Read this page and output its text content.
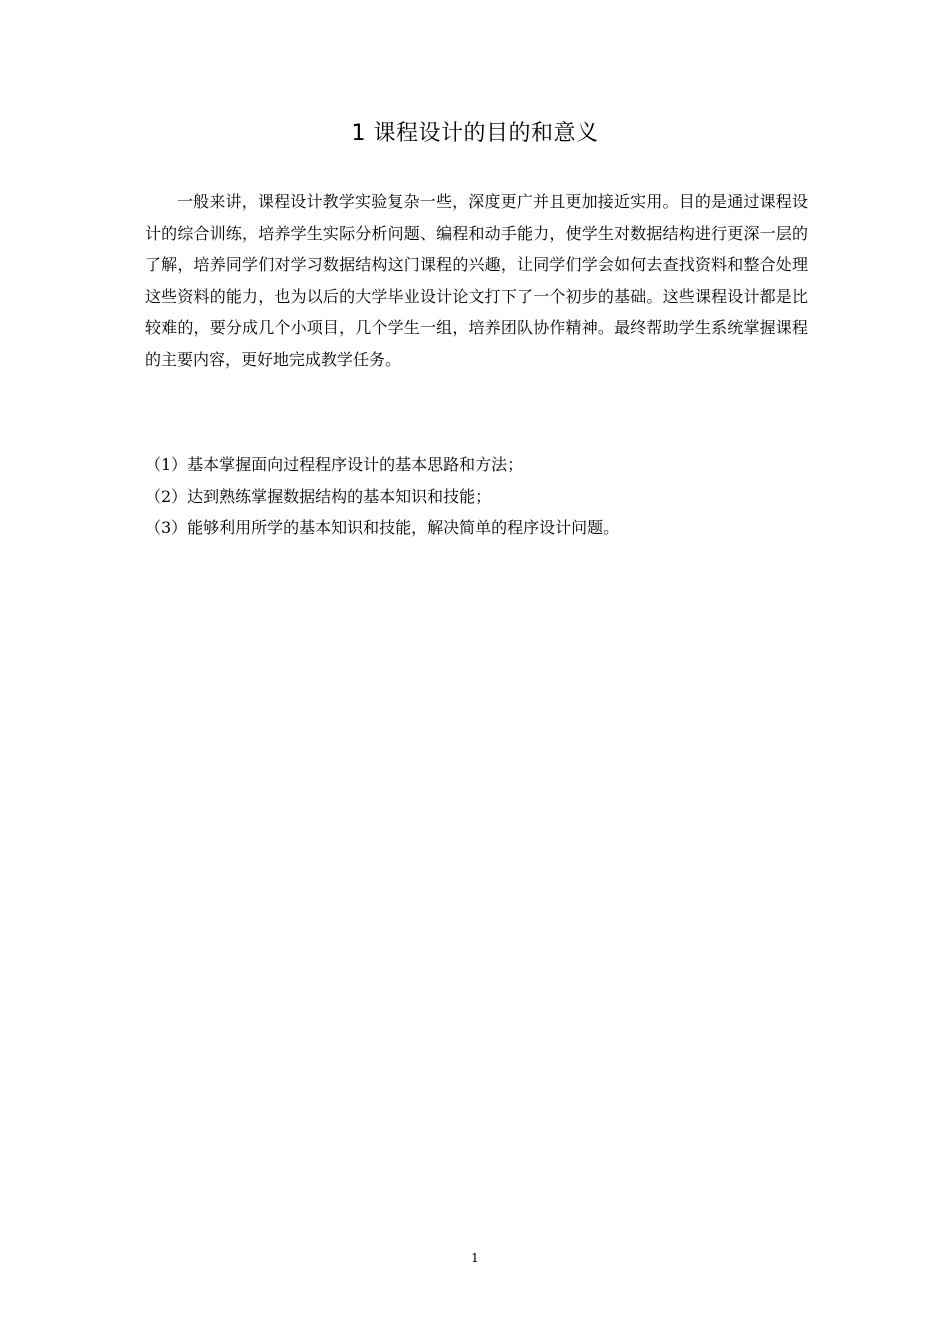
1 课程设计的目的和意义

一般来讲，课程设计教学实验复杂一些，深度更广并且更加接近实用。目的是通过课程设计的综合训练，培养学生实际分析问题、编程和动手能力，使学生对数据结构进行更深一层的了解，培养同学们对学习数据结构这门课程的兴趣，让同学们学会如何去查找资料和整合处理这些资料的能力，也为以后的大学毕业设计论文打下了一个初步的基础。这些课程设计都是比较难的，要分成几个小项目，几个学生一组，培养团队协作精神。最终帮助学生系统掌握课程的主要内容，更好地完成教学任务。

（1）基本掌握面向过程程序设计的基本思路和方法；
（2）达到熟练掌握数据结构的基本知识和技能；
（3）能够利用所学的基本知识和技能，解决简单的程序设计问题。
1
